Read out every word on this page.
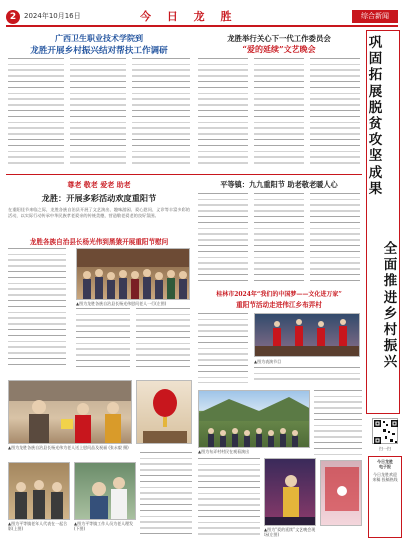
2	2024年10月16日	今 日 龙 胜	综合新闻
广西卫生职业技术学院到
龙胜开展乡村振兴结对帮扶工作调研
龙胜举行关心下一代工作委员会
“爱的延续”文艺晚会	巩固拓展脱贫攻坚成果
全面推进乡村振兴
尊老 敬老 爱老 助老
龙胜：开展多彩活动欢度重阳节
在重阳佳节来临之际，龙胜各族自治县开展了文艺演出、趣味游园、爱心慰问、义诊等丰富多彩的活动，以实际行动传承中华民族孝老爱亲的传统美德，营造敬老爱老的良好氛围。
龙胜各族自治县长杨光伟到黑猿开展重阳节慰问
▲图为龙胜各族自治县长杨光伟慰问老人一行(左图)
▲图为龙胜各族自治县长杨光伟为老人送上慰问品及祝福 (张永毅 摄)
▲图为平等镇老年人代表在一起合影(上图)
▲图为平等镇工作人员为老人理发(下图)
平等镇：九九重阳节 助老敬老暖人心
桂林市2024年“我们的中国梦——文化进万家”
重阳节活动走进伟江乡布弄村
▲图为表演节目
▲图为布弄村村民在观看演出
▲图为“爱的延续”文艺晚会现场(左图)
扫一扫
今日龙胜
电子报
今日龙胜欢迎
来稿 投稿热线
